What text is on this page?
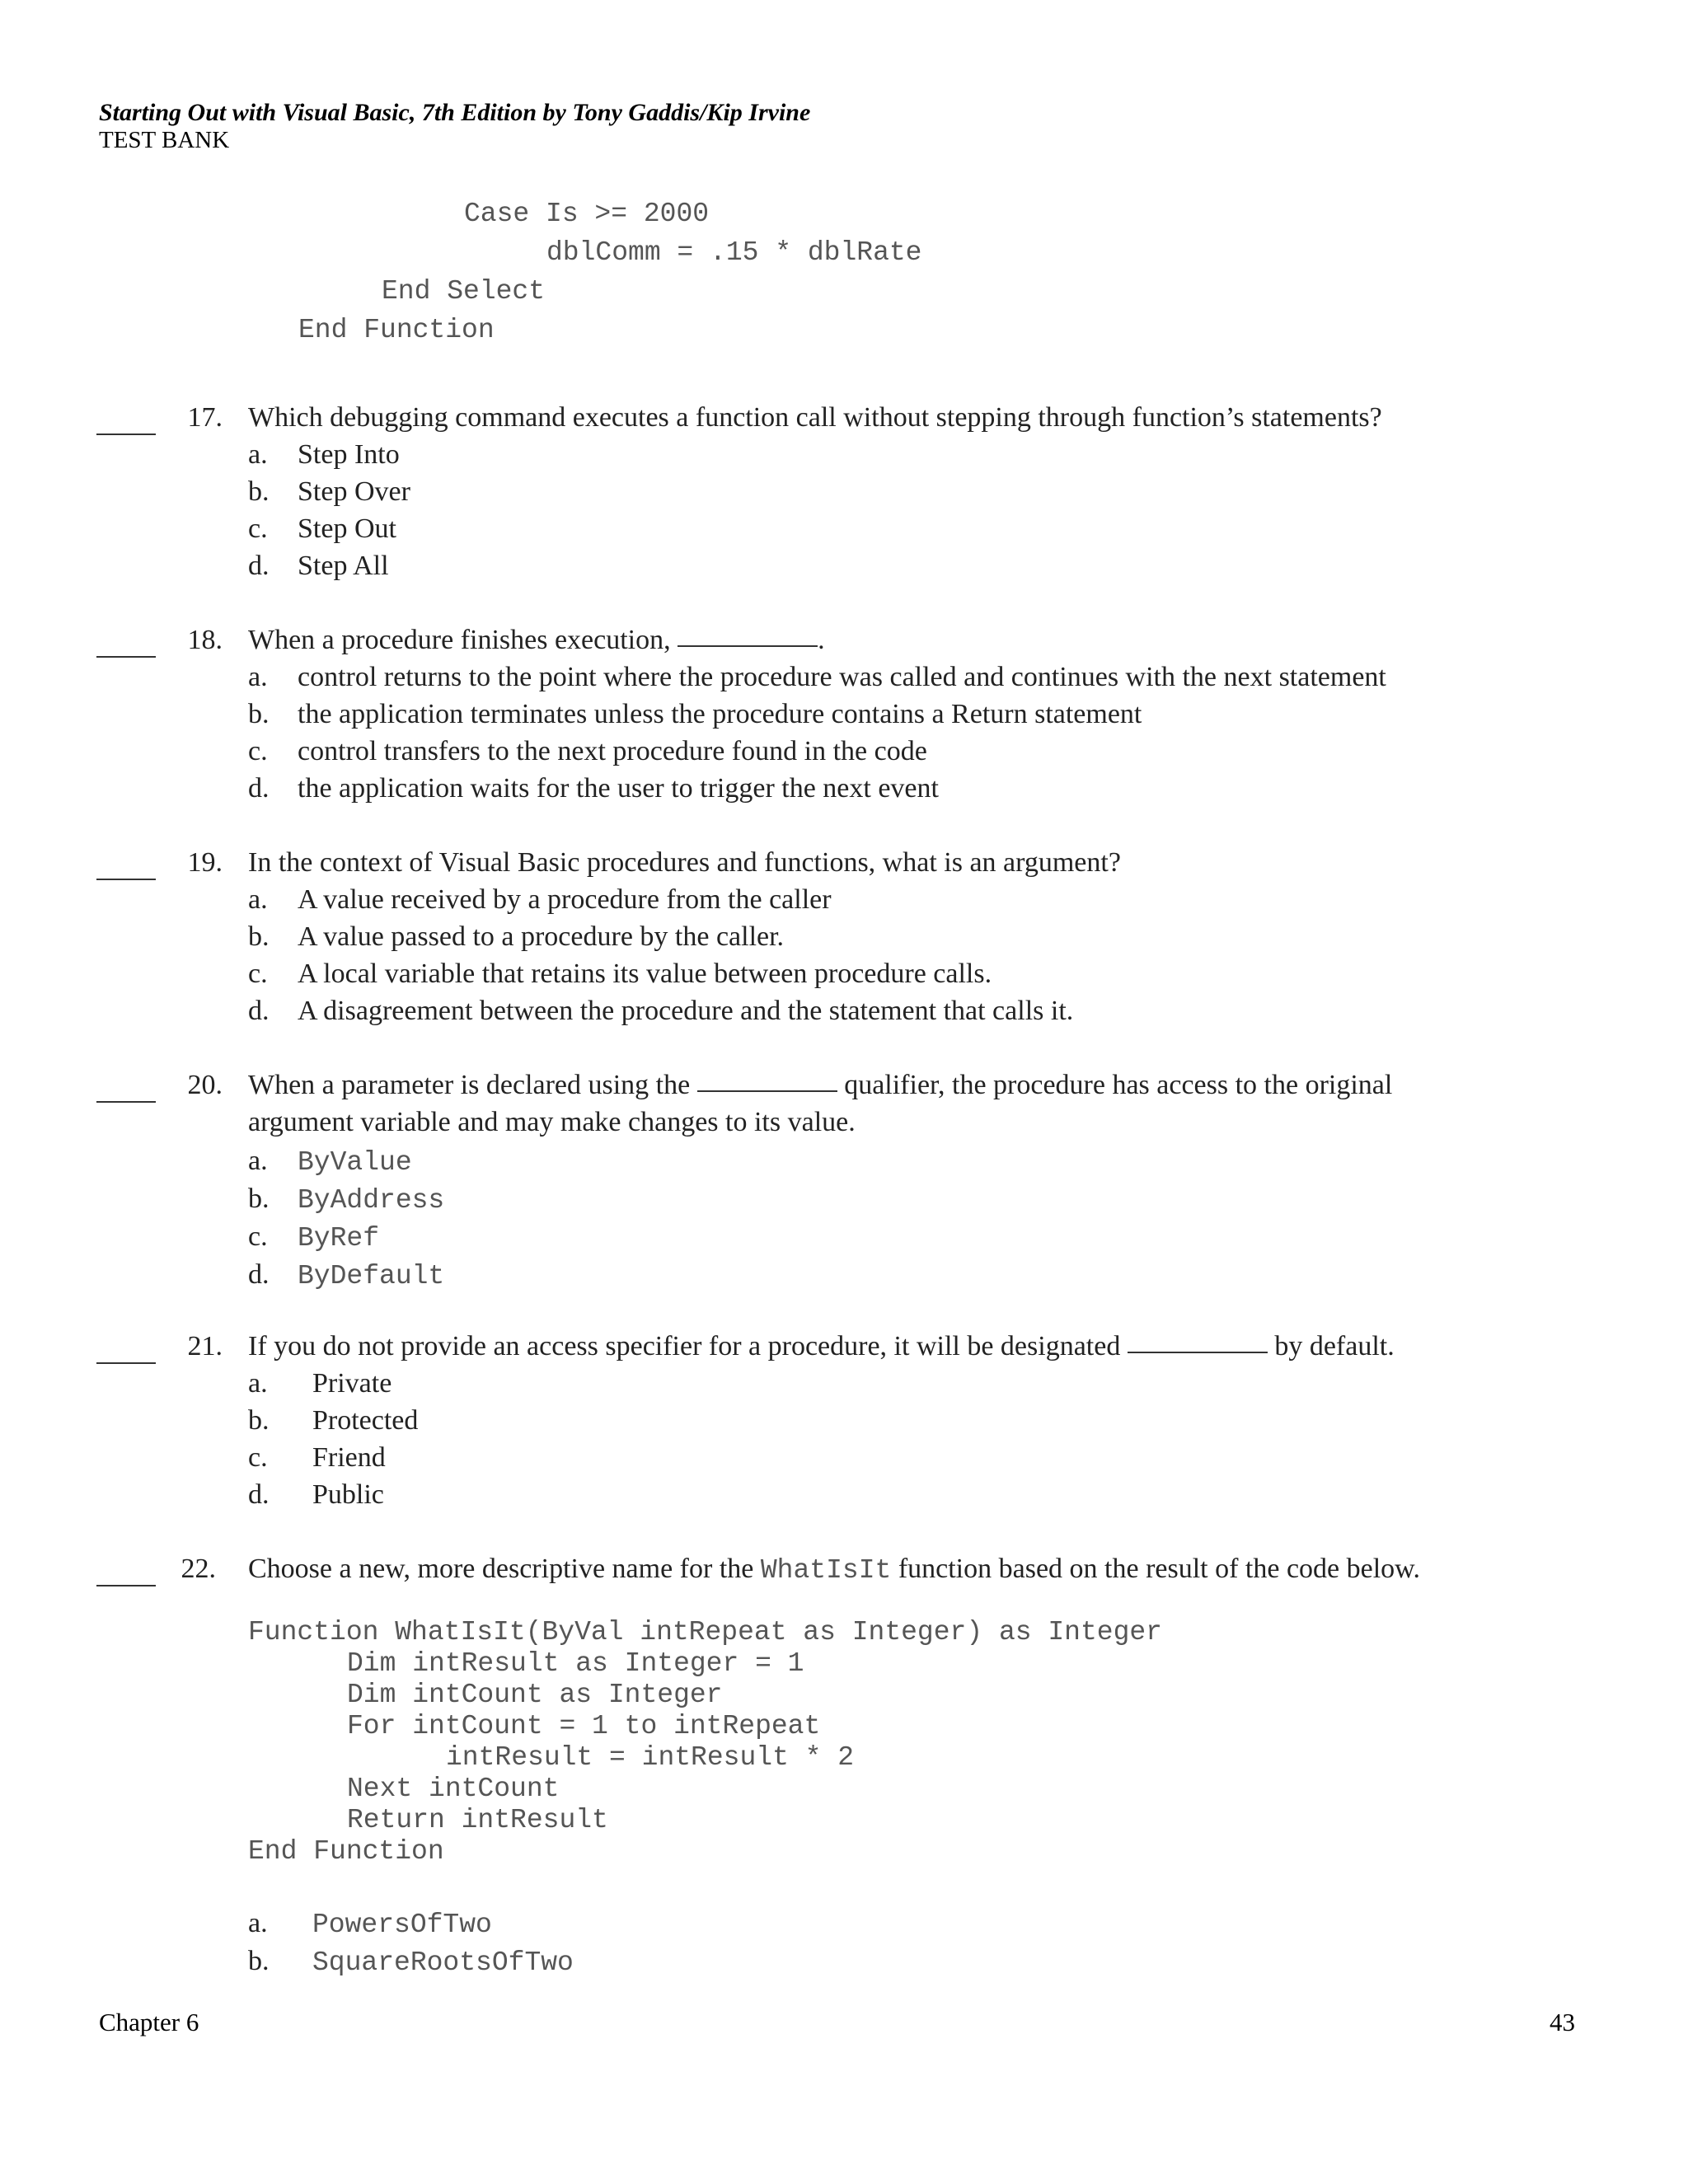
Starting Out with Visual Basic, 7th Edition by Tony Gaddis/Kip Irvine
TEST BANK
Case Is >= 2000
dblComm = .15 * dblRate
End Select
End Function
17. Which debugging command executes a function call without stepping through function’s statements?
a. Step Into
b. Step Over
c. Step Out
d. Step All
18. When a procedure finishes execution,	.
a. control returns to the point where the procedure was called and continues with the next statement
b. the application terminates unless the procedure contains a Return statement
c. control transfers to the next procedure found in the code
d. the application waits for the user to trigger the next event
19. In the context of Visual Basic procedures and functions, what is an argument?
a. A value received by a procedure from the caller
b. A value passed to a procedure by the caller.
c. A local variable that retains its value between procedure calls.
d. A disagreement between the procedure and the statement that calls it.
20. When a parameter is declared using the	qualifier, the procedure has access to the original
argument variable and may make changes to its value.
a. ByValue
b. ByAddress
c. ByRef
d. ByDefault
21. If you do not provide an access specifier for a procedure, it will be designated	by default.
a. Private
b. Protected
c. Friend
d. Public
22. Choose a new, more descriptive name for the WhatIsIt function based on the result of the code below.
Function WhatIsIt(ByVal intRepeat as Integer) as Integer
Dim intResult as Integer = 1
Dim intCount as Integer
For intCount = 1 to intRepeat
intResult = intResult * 2
Next intCount
Return intResult
End Function
a. PowersOfTwo
b. SquareRootsOfTwo
Chapter 6	43
